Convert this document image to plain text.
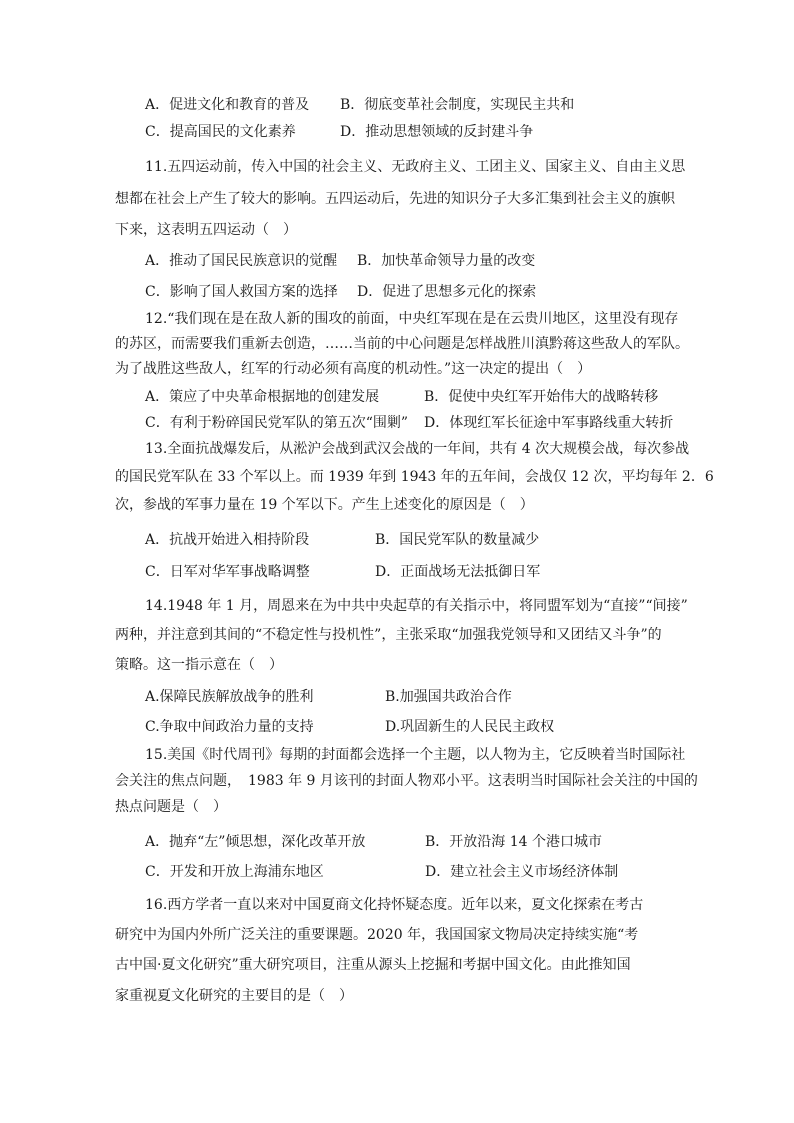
A．促进文化和教育的普及 B．彻底变革社会制度，实现民主共和
C．提高国民的文化素养	D．推动思想领域的反封建斗争
11.五四运动前，传入中国的社会主义、无政府主义、工团主义、国家主义、自由主义思
想都在社会上产生了较大的影响。五四运动后，先进的知识分子大多汇集到社会主义的旗帜
下来，这表明五四运动（　）
A．推动了国民民族意识的觉醒 B．加快革命领导力量的改变
C．影响了国人救国方案的选择 D．促进了思想多元化的探索
12.“我们现在是在敌人新的围攻的前面，中央红军现在是在云贵川地区，这里没有现存
的苏区，而需要我们重新去创造，……当前的中心问题是怎样战胜川滇黔蒋这些敌人的军队。
为了战胜这些敌人，红军的行动必须有高度的机动性。”这一决定的提出（　）
A．策应了中央革命根据地的创建发展	B．促使中央红军开始伟大的战略转移
C．有利于粉碎国民党军队的第五次“围剿” D．体现红军长征途中军事路线重大转折
13.全面抗战爆发后，从淞沪会战到武汉会战的一年间，共有 4 次大规模会战，每次参战
的国民党军队在 33 个军以上。而 1939 年到 1943 年的五年间，会战仅 12 次，平均每年 2．6
次，参战的军事力量在 19 个军以下。产生上述变化的原因是（　）
A．抗战开始进入相持阶段	B．国民党军队的数量减少
C．日军对华军事战略调整	D．正面战场无法抵御日军
14.1948 年 1 月，周恩来在为中共中央起草的有关指示中，将同盟军划为“直接”“间接”
两种，并注意到其间的“不稳定性与投机性”，主张采取“加强我党领导和又团结又斗争”的
策略。这一指示意在（　）
A.保障民族解放战争的胜利	B.加强国共政治合作
C.争取中间政治力量的支持	D.巩固新生的人民民主政权
15.美国《时代周刊》每期的封面都会选择一个主题，以人物为主，它反映着当时国际社
会关注的焦点问题，　1983 年 9 月该刊的封面人物邓小平。这表明当时国际社会关注的中国的
热点问题是（　）
A．抛弃“左”倾思想，深化改革开放	B．开放沿海 14 个港口城市
C．开发和开放上海浦东地区	D．建立社会主义市场经济体制
16.西方学者一直以来对中国夏商文化持怀疑态度。近年以来，夏文化探索在考古
研究中为国内外所广泛关注的重要课题。2020 年，我国国家文物局决定持续实施“考
古中国·夏文化研究”重大研究项目，注重从源头上挖掘和考据中国文化。由此推知国
家重视夏文化研究的主要目的是（　）
